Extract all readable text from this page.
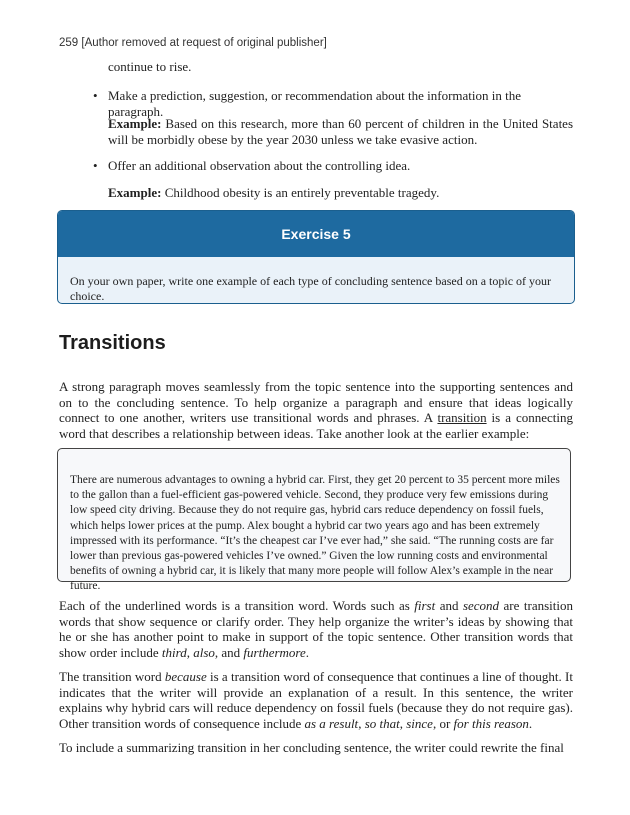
259 [Author removed at request of original publisher]

continue to rise.

• Make a prediction, suggestion, or recommendation about the information in the paragraph.

Example: Based on this research, more than 60 percent of children in the United States will be morbidly obese by the year 2030 unless we take evasive action.

• Offer an additional observation about the controlling idea.

Example: Childhood obesity is an entirely preventable tragedy.

Exercise 5
On your own paper, write one example of each type of concluding sentence based on a topic of your choice.
Transitions

A strong paragraph moves seamlessly from the topic sentence into the supporting sentences and on to the concluding sentence. To help organize a paragraph and ensure that ideas logically connect to one another, writers use transitional words and phrases. A transition is a connecting word that describes a relationship between ideas. Take another look at the earlier example:

There are numerous advantages to owning a hybrid car. First, they get 20 percent to 35 percent more miles to the gallon than a fuel-efficient gas-powered vehicle. Second, they produce very few emissions during low speed city driving. Because they do not require gas, hybrid cars reduce dependency on fossil fuels, which helps lower prices at the pump. Alex bought a hybrid car two years ago and has been extremely impressed with its performance. “It’s the cheapest car I’ve ever had,” she said. “The running costs are far lower than previous gas-powered vehicles I’ve owned.” Given the low running costs and environmental benefits of owning a hybrid car, it is likely that many more people will follow Alex’s example in the near future.

Each of the underlined words is a transition word. Words such as first and second are transition words that show sequence or clarify order. They help organize the writer’s ideas by showing that he or she has another point to make in support of the topic sentence. Other transition words that show order include third, also, and furthermore.

The transition word because is a transition word of consequence that continues a line of thought. It indicates that the writer will provide an explanation of a result. In this sentence, the writer explains why hybrid cars will reduce dependency on fossil fuels (because they do not require gas). Other transition words of consequence include as a result, so that, since, or for this reason.

To include a summarizing transition in her concluding sentence, the writer could rewrite the final
